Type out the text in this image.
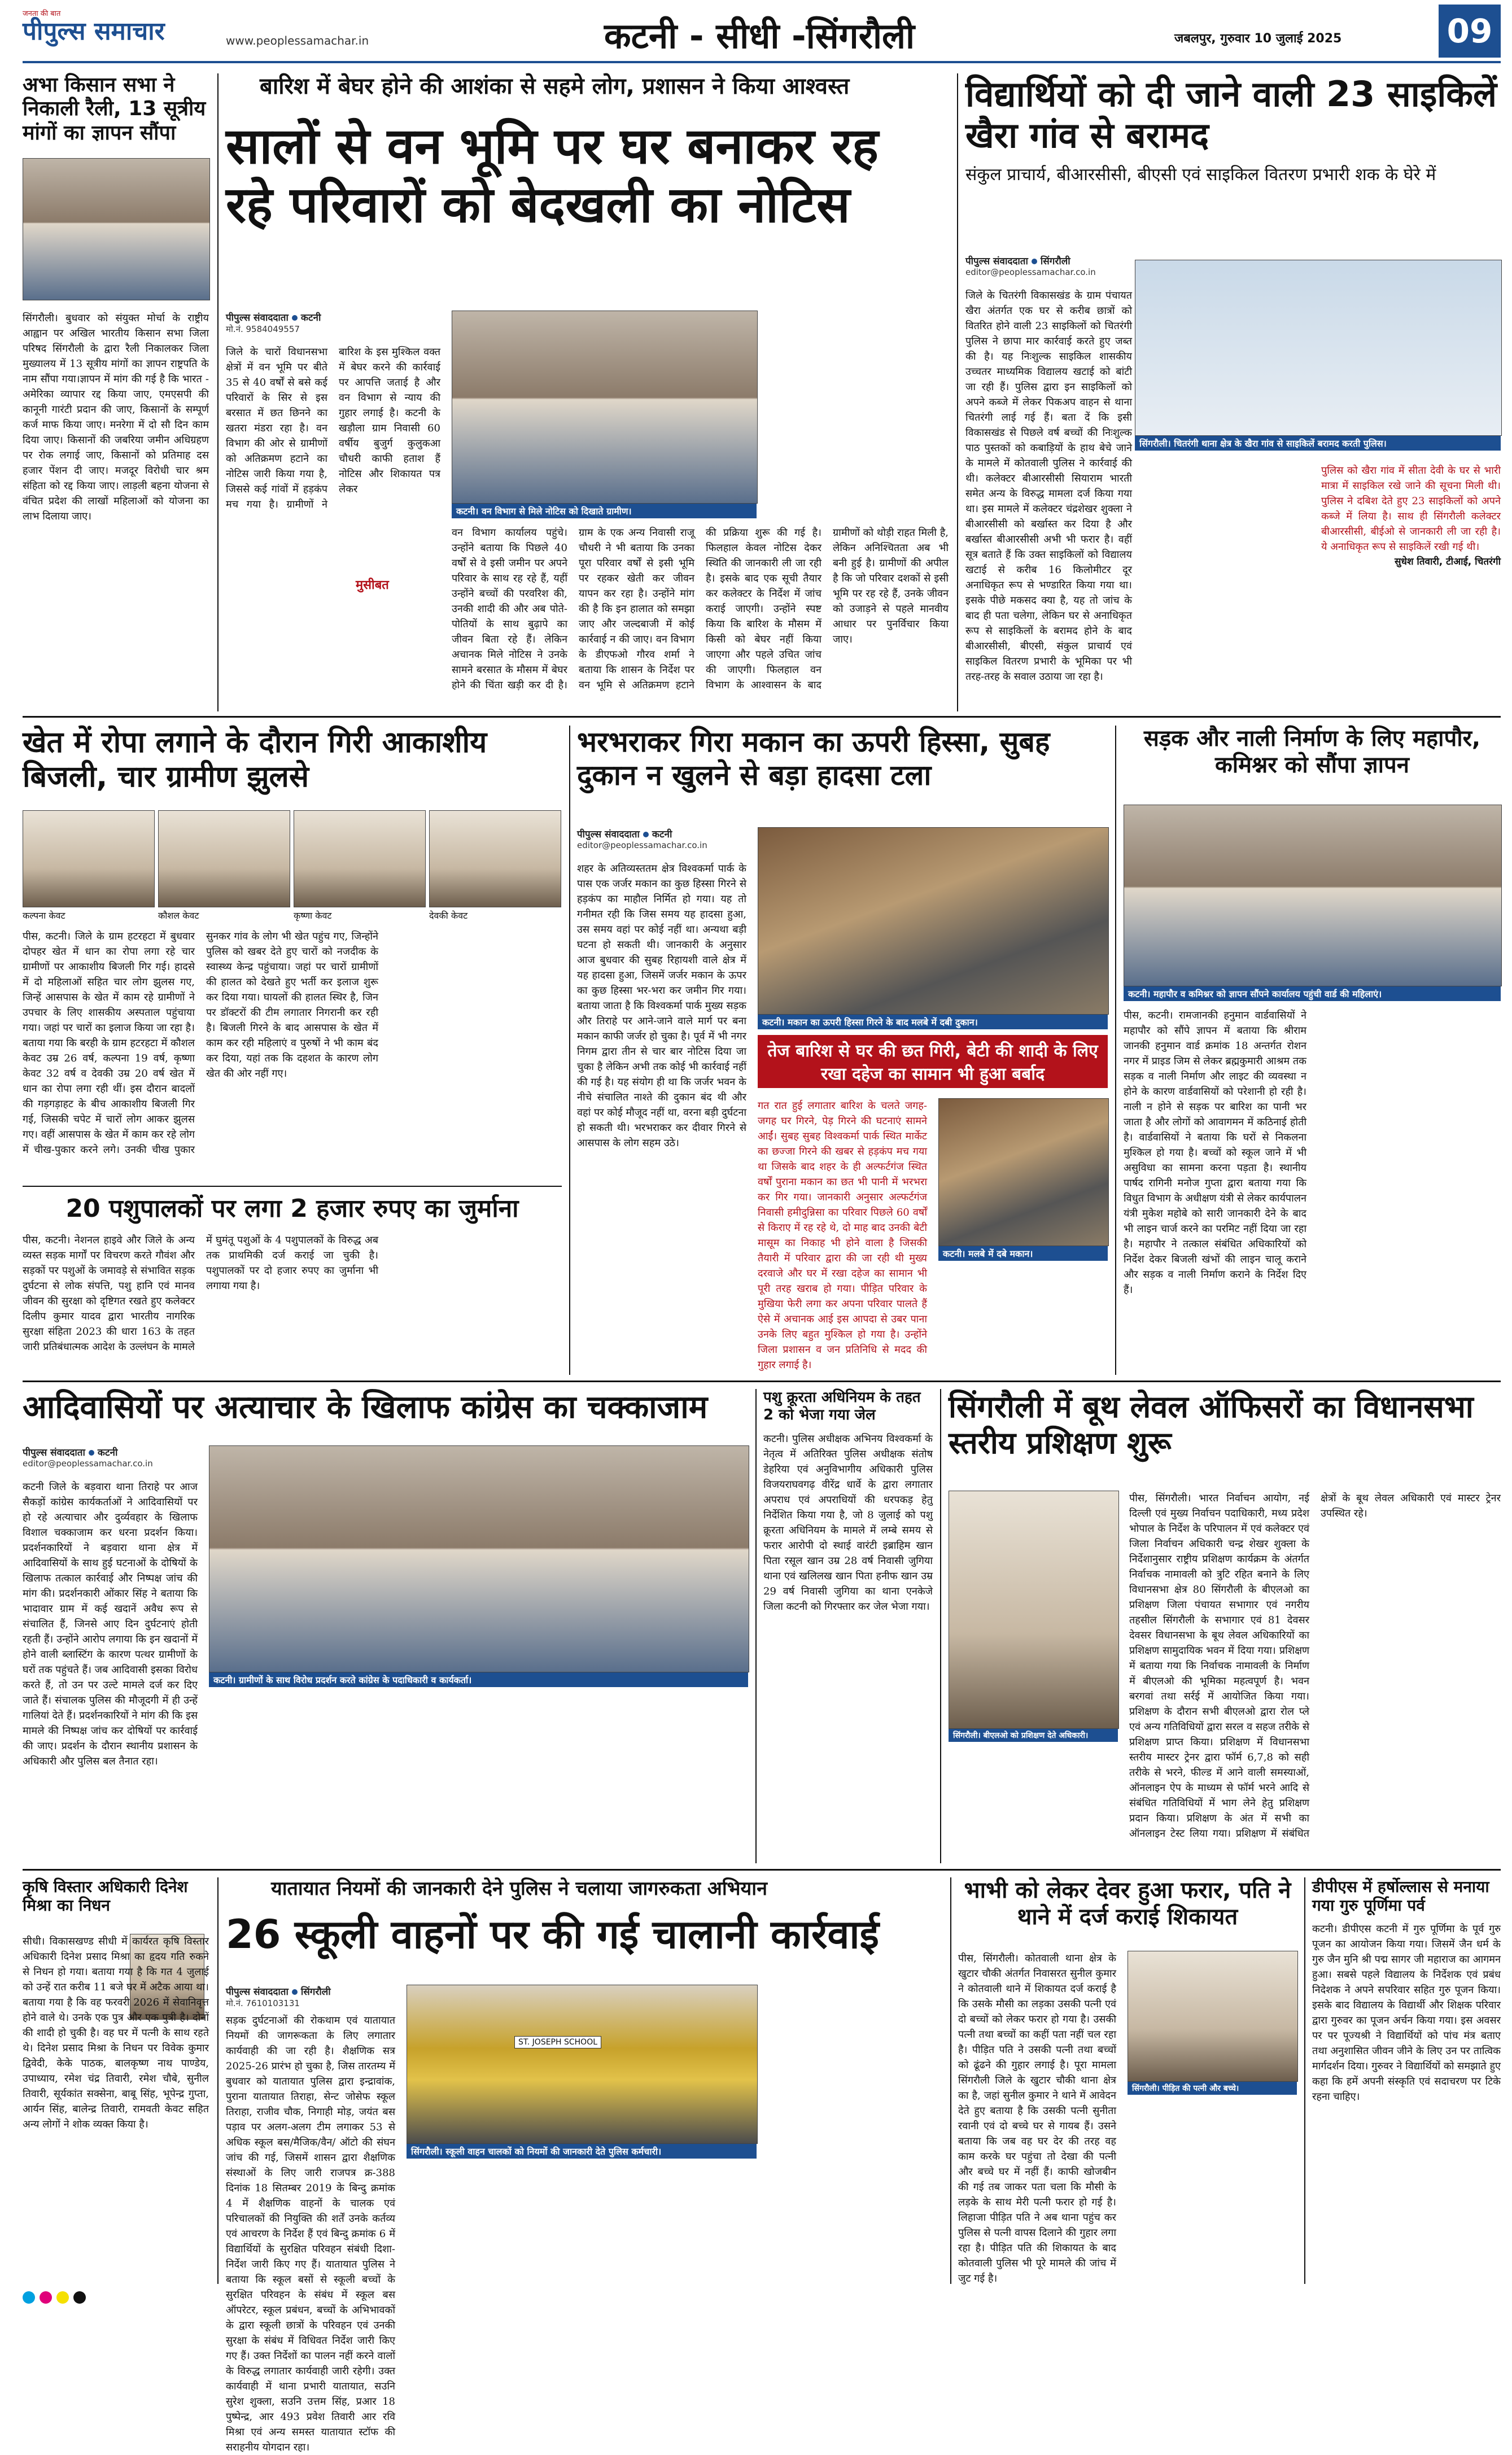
जनता की बात
पीपुल्स समाचार	www.peoplessamachar.in	कटनी - सीधी -सिंगरौली	जबलपुर, गुरुवार 10 जुलाई 2025	09
अभा किसान सभा ने निकाली रैली, 13 सूत्रीय मांगों का ज्ञापन सौंपा

सिंगरौली। बुधवार को संयुक्त मोर्चा के राष्ट्रीय आह्वान पर अखिल भारतीय किसान सभा जिला परिषद सिंगरौली के द्वारा रैली निकालकर जिला मुख्यालय में 13 सूत्रीय मांगों का ज्ञापन राष्ट्रपति के नाम सौंपा गया।ज्ञापन में मांग की गई है कि भारत - अमेरिका व्यापार रद्द किया जाए, एमएसपी की कानूनी गारंटी प्रदान की जाए, किसानों के सम्पूर्ण कर्ज माफ किया जाए। मनरेगा में दो सौ दिन काम दिया जाए। किसानों की जबरिया जमीन अधिग्रहण पर रोक लगाई जाए, किसानों को प्रतिमाह दस हजार पेंशन दी जाए। मजदूर विरोधी चार श्रम संहिता को रद्द किया जाए। लाड़ली बहना योजना से वंचित प्रदेश की लाखों महिलाओं को योजना का लाभ दिलाया जाए।

बारिश में बेघर होने की आशंका से सहमे लोग, प्रशासन ने किया आश्वस्त
सालों से वन भूमि पर घर बनाकर रह रहे परिवारों को बेदखली का नोटिस
पीपुल्स संवाददाता कटनी
मो.नं. 9584049557

जिले के चारों विधानसभा क्षेत्रों में वन भूमि पर बीते 35 से 40 वर्षों से बसे कई परिवारों के सिर से इस बरसात में छत छिनने का खतरा मंडरा रहा है। वन विभाग की ओर से ग्रामीणों को अतिक्रमण हटाने का नोटिस जारी किया गया है, जिससे कई गांवों में हड़कंप मच गया है। ग्रामीणों ने बारिश के इस मुश्किल वक्त में बेघर करने की कार्रवाई पर आपत्ति जताई है और वन विभाग से न्याय की गुहार लगाई है। कटनी के खड़ौला ग्राम निवासी 60 वर्षीय बुजुर्ग कुलुकआ चौधरी काफी हताश हैं नोटिस और शिकायत पत्र लेकर

कटनी। वन विभाग से मिले नोटिस को दिखाते ग्रामीण।
मुसीबत

वन विभाग कार्यालय पहुंचे। उन्होंने बताया कि पिछले 40 वर्षों से वे इसी जमीन पर अपने परिवार के साथ रह रहे हैं, यहीं उन्होंने बच्चों की परवरिश की, उनकी शादी की और अब पोते-पोतियों के साथ बुढ़ापे का जीवन बिता रहे हैं। लेकिन अचानक मिले नोटिस ने उनके सामने बरसात के मौसम में बेघर होने की चिंता खड़ी कर दी है। ग्राम के एक अन्य निवासी राजू चौधरी ने भी बताया कि उनका पूरा परिवार वर्षों से इसी भूमि पर रहकर खेती कर जीवन यापन कर रहा है। उन्होंने मांग की है कि इन हालात को समझा जाए और जल्दबाजी में कोई कार्रवाई न की जाए। वन विभाग के डीएफओ गौरव शर्मा ने बताया कि शासन के निर्देश पर वन भूमि से अतिक्रमण हटाने की प्रक्रिया शुरू की गई है। फिलहाल केवल नोटिस देकर स्थिति की जानकारी ली जा रही है। इसके बाद एक सूची तैयार कर कलेक्टर के निर्देश में जांच कराई जाएगी। उन्होंने स्पष्ट किया कि बारिश के मौसम में किसी को बेघर नहीं किया जाएगा और पहले उचित जांच की जाएगी। फिलहाल वन विभाग के आश्वासन के बाद ग्रामीणों को थोड़ी राहत मिली है, लेकिन अनिश्चितता अब भी बनी हुई है। ग्रामीणों की अपील है कि जो परिवार दशकों से इसी भूमि पर रह रहे हैं, उनके जीवन को उजाड़ने से पहले मानवीय आधार पर पुनर्विचार किया जाए।

विद्यार्थियों को दी जाने वाली 23 साइकिलें खैरा गांव से बरामद
संकुल प्राचार्य, बीआरसीसी, बीएसी एवं साइकिल वितरण प्रभारी शक के घेरे में
पीपुल्स संवाददाता सिंगरौली
editor@peoplessamachar.co.in

जिले के चितरंगी विकासखंड के ग्राम पंचायत खैरा अंतर्गत एक घर से करीब छात्रों को वितरित होने वाली 23 साइकिलों को चितरंगी पुलिस ने छापा मार कार्रवाई करते हुए जब्त की है। यह निःशुल्क साइकिल शासकीय उच्चतर माध्यमिक विद्यालय खटाई को बांटी जा रही हैं। पुलिस द्वारा इन साइकिलों को अपने कब्जे में लेकर पिकअप वाहन से थाना चितरंगी लाई गई हैं। बता दें कि इसी विकासखंड से पिछले वर्ष बच्चों की निःशुल्क पाठ पुस्तकों को कबाड़ियों के हाथ बेचे जाने के मामले में कोतवाली पुलिस ने कार्रवाई की थी। कलेक्टर बीआरसीसी सियाराम भारती समेत अन्य के विरुद्ध मामला दर्ज किया गया था। इस मामले में कलेक्टर चंद्रशेखर शुक्ला ने बीआरसीसी को बर्खास्त कर दिया है और बर्खास्त बीआरसीसी अभी भी फरार है। वहीं सूत्र बताते हैं कि उक्त साइकिलों को विद्यालय खटाई से करीब 16 किलोमीटर दूर अनाधिकृत रूप से भण्डारित किया गया था। इसके पीछे मकसद क्या है, यह तो जांच के बाद ही पता चलेगा, लेकिन घर से अनाधिकृत रूप से साइकिलों के बरामद होने के बाद बीआरसीसी, बीएसी, संकुल प्राचार्य एवं साइकिल वितरण प्रभारी के भूमिका पर भी तरह-तरह के सवाल उठाया जा रहा है।

सिंगरौली। चितरंगी थाना क्षेत्र के खैरा गांव से साइकिलें बरामद करती पुलिस।

पुलिस को खैरा गांव में सीता देवी के घर से भारी मात्रा में साइकिल रखे जाने की सूचना मिली थी। पुलिस ने दबिश देते हुए 23 साइकिलों को अपने कब्जे में लिया है। साथ ही सिंगरौली कलेक्टर बीआरसीसी, बीईओ से जानकारी ली जा रही है। ये अनाधिकृत रूप से साइकिलें रखी गई थी।

सुधेश तिवारी, टीआई, चितरंगी
खेत में रोपा लगाने के दौरान गिरी आकाशीय बिजली, चार ग्रामीण झुलसे
कल्पना केवट	कौशल केवट	कृष्णा केवट	देवकी केवट

पीस, कटनी। जिले के ग्राम हटरहटा में बुधवार दोपहर खेत में धान का रोपा लगा रहे चार ग्रामीणों पर आकाशीय बिजली गिर गई। हादसे में दो महिलाओं सहित चार लोग झुलस गए, जिन्हें आसपास के खेत में काम रहे ग्रामीणों ने उपचार के लिए शासकीय अस्पताल पहुंचाया गया। जहां पर चारों का इलाज किया जा रहा है। बताया गया कि बरही के ग्राम हटरहटा में कौशल केवट उम्र 26 वर्ष, कल्पना 19 वर्ष, कृष्णा केवट 32 वर्ष व देवकी उम्र 20 वर्ष खेत में धान का रोपा लगा रही थीं। इस दौरान बादलों की गड़गड़ाहट के बीच आकाशीय बिजली गिर गई, जिसकी चपेट में चारों लोग आकर झुलस गए। वहीं आसपास के खेत में काम कर रहे लोग में चीख-पुकार करने लगे। उनकी चीख पुकार सुनकर गांव के लोग भी खेत पहुंच गए, जिन्होंने पुलिस को खबर देते हुए चारों को नजदीक के स्वास्थ्य केन्द्र पहुंचाया। जहां पर चारों ग्रामीणों की हालत को देखते हुए भर्ती कर इलाज शुरू कर दिया गया। घायलों की हालत स्थिर है, जिन पर डॉक्टरों की टीम लगातार निगरानी कर रही है। बिजली गिरने के बाद आसपास के खेत में काम कर रही महिलाएं व पुरुषों ने भी काम बंद कर दिया, यहां तक कि दहशत के कारण लोग खेत की ओर नहीं गए।

20 पशुपालकों पर लगा 2 हजार रुपए का जुर्माना

पीस, कटनी। नेशनल हाइवे और जिले के अन्य व्यस्त सड़क मार्गों पर विचरण करते गौवंश और सड़कों पर पशुओं के जमावड़े से संभावित सड़क दुर्घटना से लोक संपत्ति, पशु हानि एवं मानव जीवन की सुरक्षा को दृष्टिगत रखते हुए कलेक्टर दिलीप कुमार यादव द्वारा भारतीय नागरिक सुरक्षा संहिता 2023 की धारा 163 के तहत जारी प्रतिबंधात्मक आदेश के उल्लंघन के मामले में घुमंतू पशुओं के 4 पशुपालकों के विरुद्ध अब तक प्राथमिकी दर्ज कराई जा चुकी है। पशुपालकों पर दो हजार रुपए का जुर्माना भी लगाया गया है।

भरभराकर गिरा मकान का ऊपरी हिस्सा, सुबह दुकान न खुलने से बड़ा हादसा टला
पीपुल्स संवाददाता कटनी
editor@peoplessamachar.co.in

शहर के अतिव्यस्ततम क्षेत्र विश्वकर्मा पार्क के पास एक जर्जर मकान का कुछ हिस्सा गिरने से हड़कंप का माहौल निर्मित हो गया। यह तो गनीमत रही कि जिस समय यह हादसा हुआ, उस समय वहां पर कोई नहीं था। अन्यथा बड़ी घटना हो सकती थी। जानकारी के अनुसार आज बुधवार की सुबह रिहायशी वाले क्षेत्र में यह हादसा हुआ, जिसमें जर्जर मकान के ऊपर का कुछ हिस्सा भर-भरा कर जमीन गिर गया। बताया जाता है कि विश्वकर्मा पार्क मुख्य सड़क और तिराहे पर आने-जाने वाले मार्ग पर बना मकान काफी जर्जर हो चुका है। पूर्व में भी नगर निगम द्वारा तीन से चार बार नोटिस दिया जा चुका है लेकिन अभी तक कोई भी कार्रवाई नहीं की गई है। यह संयोग ही था कि जर्जर भवन के नीचे संचालित नाश्ते की दुकान बंद थी और वहां पर कोई मौजूद नहीं था, वरना बड़ी दुर्घटना हो सकती थी। भरभराकर कर दीवार गिरने से आसपास के लोग सहम उठे।

कटनी। मकान का ऊपरी हिस्सा गिरने के बाद मलबे में दबी दुकान।
तेज बारिश से घर की छत गिरी, बेटी की शादी के लिए रखा दहेज का सामान भी हुआ बर्बाद

गत रात हुई लगातार बारिश के चलते जगह-जगह घर गिरने, पेड़ गिरने की घटनाएं सामने आईं। सुबह सुबह विश्वकर्मा पार्क स्थित मार्केट का छज्जा गिरने की खबर से हड़कंप मच गया था जिसके बाद शहर के ही अल्फर्टगंज स्थित वर्षों पुराना मकान का छत भी पानी में भरभरा कर गिर गया। जानकारी अनुसार अल्फर्टगंज निवासी हमीदुन्निसा का परिवार पिछले 60 वर्षों से किराए में रह रहे थे, दो माह बाद उनकी बेटी मासूम का निकाह भी होने वाला है जिसकी तैयारी में परिवार द्वारा की जा रही थी मुख्य दरवाजे और घर में रखा दहेज का सामान भी पूरी तरह खराब हो गया। पीड़ित परिवार के मुखिया फेरी लगा कर अपना परिवार पालते हैं ऐसे में अचानक आई इस आपदा से उबर पाना उनके लिए बहुत मुश्किल हो गया है। उन्होंने जिला प्रशासन व जन प्रतिनिधि से मदद की गुहार लगाई है।

कटनी। मलबे में दबे मकान।
सड़क और नाली निर्माण के लिए महापौर, कमिश्नर को सौंपा ज्ञापन
कटनी। महापौर व कमिश्नर को ज्ञापन सौंपने कार्यालय पहुंची वार्ड की महिलाएं।

पीस, कटनी। रामजानकी हनुमान वार्डवासियों ने महापौर को सौंपे ज्ञापन में बताया कि श्रीराम जानकी हनुमान वार्ड क्रमांक 18 अन्तर्गत रोशन नगर में प्राइड जिम से लेकर ब्रह्मकुमारी आश्रम तक सड़क व नाली निर्माण और लाइट की व्यवस्था न होने के कारण वार्डवासियों को परेशानी हो रही है। नाली न होने से सड़क पर बारिश का पानी भर जाता है और लोगों को आवागमन में कठिनाई होती है। वार्डवासियों ने बताया कि घरों से निकलना मुश्किल हो गया है। बच्चों को स्कूल जाने में भी असुविधा का सामना करना पड़ता है। स्थानीय पार्षद रागिनी मनोज गुप्ता द्वारा बताया गया कि विधुत विभाग के अधीक्षण यंत्री से लेकर कार्यपालन यंत्री मुकेश महोबे को सारी जानकारी देने के बाद भी लाइन चार्ज करने का परमिट नहीं दिया जा रहा है। महापौर ने तत्काल संबंधित अधिकारियों को निर्देश देकर बिजली खंभों की लाइन चालू कराने और सड़क व नाली निर्माण कराने के निर्देश दिए हैं।

आदिवासियों पर अत्याचार के खिलाफ कांग्रेस का चक्काजाम
पीपुल्स संवाददाता कटनी
editor@peoplessamachar.co.in

कटनी जिले के बड़वारा थाना तिराहे पर आज सैकड़ों कांग्रेस कार्यकर्ताओं ने आदिवासियों पर हो रहे अत्याचार और दुर्व्यवहार के खिलाफ विशाल चक्काजाम कर धरना प्रदर्शन किया। प्रदर्शनकारियों ने बड़वारा थाना क्षेत्र में आदिवासियों के साथ हुई घटनाओं के दोषियों के खिलाफ तत्काल कार्रवाई और निष्पक्ष जांच की मांग की। प्रदर्शनकारी ओंकार सिंह ने बताया कि भादावार ग्राम में कई खदानें अवैध रूप से संचालित हैं, जिनसे आए दिन दुर्घटनाएं होती रहती हैं। उन्होंने आरोप लगाया कि इन खदानों में होने वाली ब्लास्टिंग के कारण पत्थर ग्रामीणों के घरों तक पहुंचते हैं। जब आदिवासी इसका विरोध करते हैं, तो उन पर उल्टे मामले दर्ज कर दिए जाते हैं। संचालक पुलिस की मौजूदगी में ही उन्हें गालियां देते हैं। प्रदर्शनकारियों ने मांग की कि इस मामले की निष्पक्ष जांच कर दोषियों पर कार्रवाई की जाए। प्रदर्शन के दौरान स्थानीय प्रशासन के अधिकारी और पुलिस बल तैनात रहा।

कटनी। ग्रामीणों के साथ विरोध प्रदर्शन करते कांग्रेस के पदाधिकारी व कार्यकर्ता।
पशु क्रूरता अधिनियम के तहत 2 को भेजा गया जेल

कटनी। पुलिस अधीक्षक अभिनय विश्वकर्मा के नेतृत्व में अतिरिक्त पुलिस अधीक्षक संतोष डेहरिया एवं अनुविभागीय अधिकारी पुलिस विजयराघवगढ़ वीरेंद्र धार्वे के द्वारा लगातार अपराध एवं अपराधियों की धरपकड़ हेतु निर्देशित किया गया है, जो 8 जुलाई को पशु क्रूरता अधिनियम के मामले में लम्बे समय से फरार आरोपी दो स्थाई वारंटी इब्राहिम खान पिता रसूल खान उम्र 28 वर्ष निवासी जुगिया थाना एवं खलिलख खान पिता हनीफ खान उम्र 29 वर्ष निवासी जुगिया का थाना एनकेजे जिला कटनी को गिरफ्तार कर जेल भेजा गया।

सिंगरौली में बूथ लेवल ऑफिसरों का विधानसभा स्तरीय प्रशिक्षण शुरू
सिंगरौली। बीएलओ को प्रशिक्षण देते अधिकारी।

पीस, सिंगरौली। भारत निर्वाचन आयोग, नई दिल्ली एवं मुख्य निर्वाचन पदाधिकारी, मध्य प्रदेश भोपाल के निर्देश के परिपालन में एवं कलेक्टर एवं जिला निर्वाचन अधिकारी चन्द्र शेखर शुक्ला के निर्देशानुसार राष्ट्रीय प्रशिक्षण कार्यक्रम के अंतर्गत निर्वाचक नामावली को त्रुटि रहित बनाने के लिए विधानसभा क्षेत्र 80 सिंगरौली के बीएलओ का प्रशिक्षण जिला पंचायत सभागार एवं नगरीय तहसील सिंगरौली के सभागार एवं 81 देवसर देवसर विधानसभा के बूथ लेवल अधिकारियों का प्रशिक्षण सामुदायिक भवन में दिया गया। प्रशिक्षण में बताया गया कि निर्वाचक नामावली के निर्माण में बीएलओ की भूमिका महत्वपूर्ण है। भवन बरगवां तथा सर्रई में आयोजित किया गया। प्रशिक्षण के दौरान सभी बीएलओ द्वारा रोल प्ले एवं अन्य गतिविधियों द्वारा सरल व सहज तरीके से प्रशिक्षण प्राप्त किया। प्रशिक्षण में विधानसभा स्तरीय मास्टर ट्रेनर द्वारा फॉर्म 6,7,8 को सही तरीके से भरने, फील्ड में आने वाली समस्याओं, ऑनलाइन ऐप के माध्यम से फॉर्म भरने आदि से संबंधित गतिविधियों में भाग लेने हेतु प्रशिक्षण प्रदान किया। प्रशिक्षण के अंत में सभी का ऑनलाइन टेस्ट लिया गया। प्रशिक्षण में संबंधित क्षेत्रों के बूथ लेवल अधिकारी एवं मास्टर ट्रेनर उपस्थित रहे।

कृषि विस्तार अधिकारी दिनेश मिश्रा का निधन

सीधी। विकासखण्ड सीधी में कार्यरत कृषि विस्तार अधिकारी दिनेश प्रसाद मिश्रा का हृदय गति रुकने से निधन हो गया। बताया गया है कि गत 4 जुलाई को उन्हें रात करीब 11 बजे घर में अटैक आया था। बताया गया है कि वह फरवरी 2026 में सेवानिवृत्त होने वाले थे। उनके एक पुत्र और एक पुत्री है। दोनों की शादी हो चुकी है। वह घर में पत्नी के साथ रहते थे। दिनेश प्रसाद मिश्रा के निधन पर विवेक कुमार द्विवेदी, केके पाठक, बालकृष्ण नाथ पाण्डेय, उपाध्याय, रमेश चंद्र तिवारी, रमेश चौबे, सुनील तिवारी, सूर्यकांत सक्सेना, बाबू सिंह, भूपेन्द्र गुप्ता, आर्यन सिंह, बालेन्द्र तिवारी, रामवती केवट सहित अन्य लोगों ने शोक व्यक्त किया है।

यातायात नियमों की जानकारी देने पुलिस ने चलाया जागरुकता अभियान
26 स्कूली वाहनों पर की गई चालानी कार्रवाई
पीपुल्स संवाददाता सिंगरौली
मो.नं. 7610103131

सड़क दुर्घटनाओं की रोकथाम एवं यातायात नियमों की जागरूकता के लिए लगातार कार्यवाही की जा रही है। शैक्षणिक सत्र 2025-26 प्रारंभ हो चुका है, जिस तारतम्य में बुधवार को यातायात पुलिस द्वारा इन्द्रावांक, पुराना यातायात तिराहा, सेन्ट जोसेफ स्कूल तिराहा, राजीव चौक, निगाही मोड़, जयंत बस पड़ाव पर अलग-अलग टीम लगाकर 53 से अधिक स्कूल बस/मैजिक/वैन/ ऑटो की संघन जांच की गई, जिसमें शासन द्वारा शैक्षणिक संस्थाओं के लिए जारी राजपत्र क्र-388 दिनांक 18 सितम्बर 2019 के बिन्दु क्रमांक 4 में शैक्षणिक वाहनों के चालक एवं परिचालकों की नियुक्ति की शर्तें उनके कर्तव्य एवं आचरण के निर्देश हैं एवं बिन्दु क्रमांक 6 में विद्यार्थियों के सुरक्षित परिवहन संबंधी दिशा-निर्देश जारी किए गए हैं। यातायात पुलिस ने बताया कि स्कूल बसों से स्कूली बच्चों के सुरक्षित परिवहन के संबंध में स्कूल बस ऑपरेटर, स्कूल प्रबंधन, बच्चों के अभिभावकों के द्वारा स्कूली छात्रों के परिवहन एवं उनकी सुरक्षा के संबंध में विधिवत निर्देश जारी किए गए हैं। उक्त निर्देशों का पालन नहीं करने वालों के विरुद्ध लगातार कार्यवाही जारी रहेगी। उक्त कार्यवाही में थाना प्रभारी यातायात, सउनि सुरेश शुक्ला, सउनि उत्तम सिंह, प्रआर 18 पुष्पेन्द्र, आर 493 प्रवेश तिवारी आर रवि मिश्रा एवं अन्य समस्त यातायात स्टॉफ की सराहनीय योगदान रहा।

ST. JOSEPH SCHOOL
सिंगरौली। स्कूली वाहन चालकों को नियमों की जानकारी देते पुलिस कर्मचारी।
भाभी को लेकर देवर हुआ फरार, पति ने थाने में दर्ज कराई शिकायत
सिंगरौली। पीड़ित की पत्नी और बच्चे।

पीस, सिंगरौली। कोतवाली थाना क्षेत्र के खुटार चौकी अंतर्गत निवासरत सुनील कुमार ने कोतवाली थाने में शिकायत दर्ज कराई है कि उसके मौसी का लड़का उसकी पत्नी एवं दो बच्चों को लेकर फरार हो गया है। उसकी पत्नी तथा बच्चों का कहीं पता नहीं चल रहा है। पीड़ित पति ने उसकी पत्नी तथा बच्चों को ढूंढने की गुहार लगाई है। पूरा मामला सिंगरौली जिले के खुटार चौकी थाना क्षेत्र का है, जहां सुनील कुमार ने थाने में आवेदन देते हुए बताया है कि उसकी पत्नी सुनीता रवानी एवं दो बच्चे घर से गायब हैं। उसने बताया कि जब वह घर देर की तरह वह काम करके घर पहुंचा तो देखा की पत्नी और बच्चे घर में नहीं हैं। काफी खोजबीन की गई तब जाकर पता चला कि मौसी के लड़के के साथ मेरी पत्नी फरार हो गई है। लिहाजा पीड़ित पति ने अब थाना पहुंच कर पुलिस से पत्नी वापस दिलाने की गुहार लगा रहा है। पीड़ित पति की शिकायत के बाद कोतवाली पुलिस भी पूरे मामले की जांच में जुट गई है।

डीपीएस में हर्षोल्लास से मनाया गया गुरु पूर्णिमा पर्व

कटनी। डीपीएस कटनी में गुरु पूर्णिमा के पूर्व गुरु पूजन का आयोजन किया गया। जिसमें जैन धर्म के गुरु जैन मुनि श्री पद्म सागर जी महाराज का आगमन हुआ। सबसे पहले विद्यालय के निर्देशक एवं प्रबंध निदेशक ने अपने सपरिवार सहित गुरु पूजन किया। इसके बाद विद्यालय के विद्यार्थी और शिक्षक परिवार द्वारा गुरुवर का पूजन अर्चन किया गया। इस अवसर पर पर पूज्यश्री ने विद्यार्थियों को पांच मंत्र बताए तथा अनुशासित जीवन जीने के लिए उन पर तात्विक मार्गदर्शन दिया। गुरुवर ने विद्यार्थियों को समझाते हुए कहा कि हमें अपनी संस्कृति एवं सदाचरण पर टिके रहना चाहिए।
